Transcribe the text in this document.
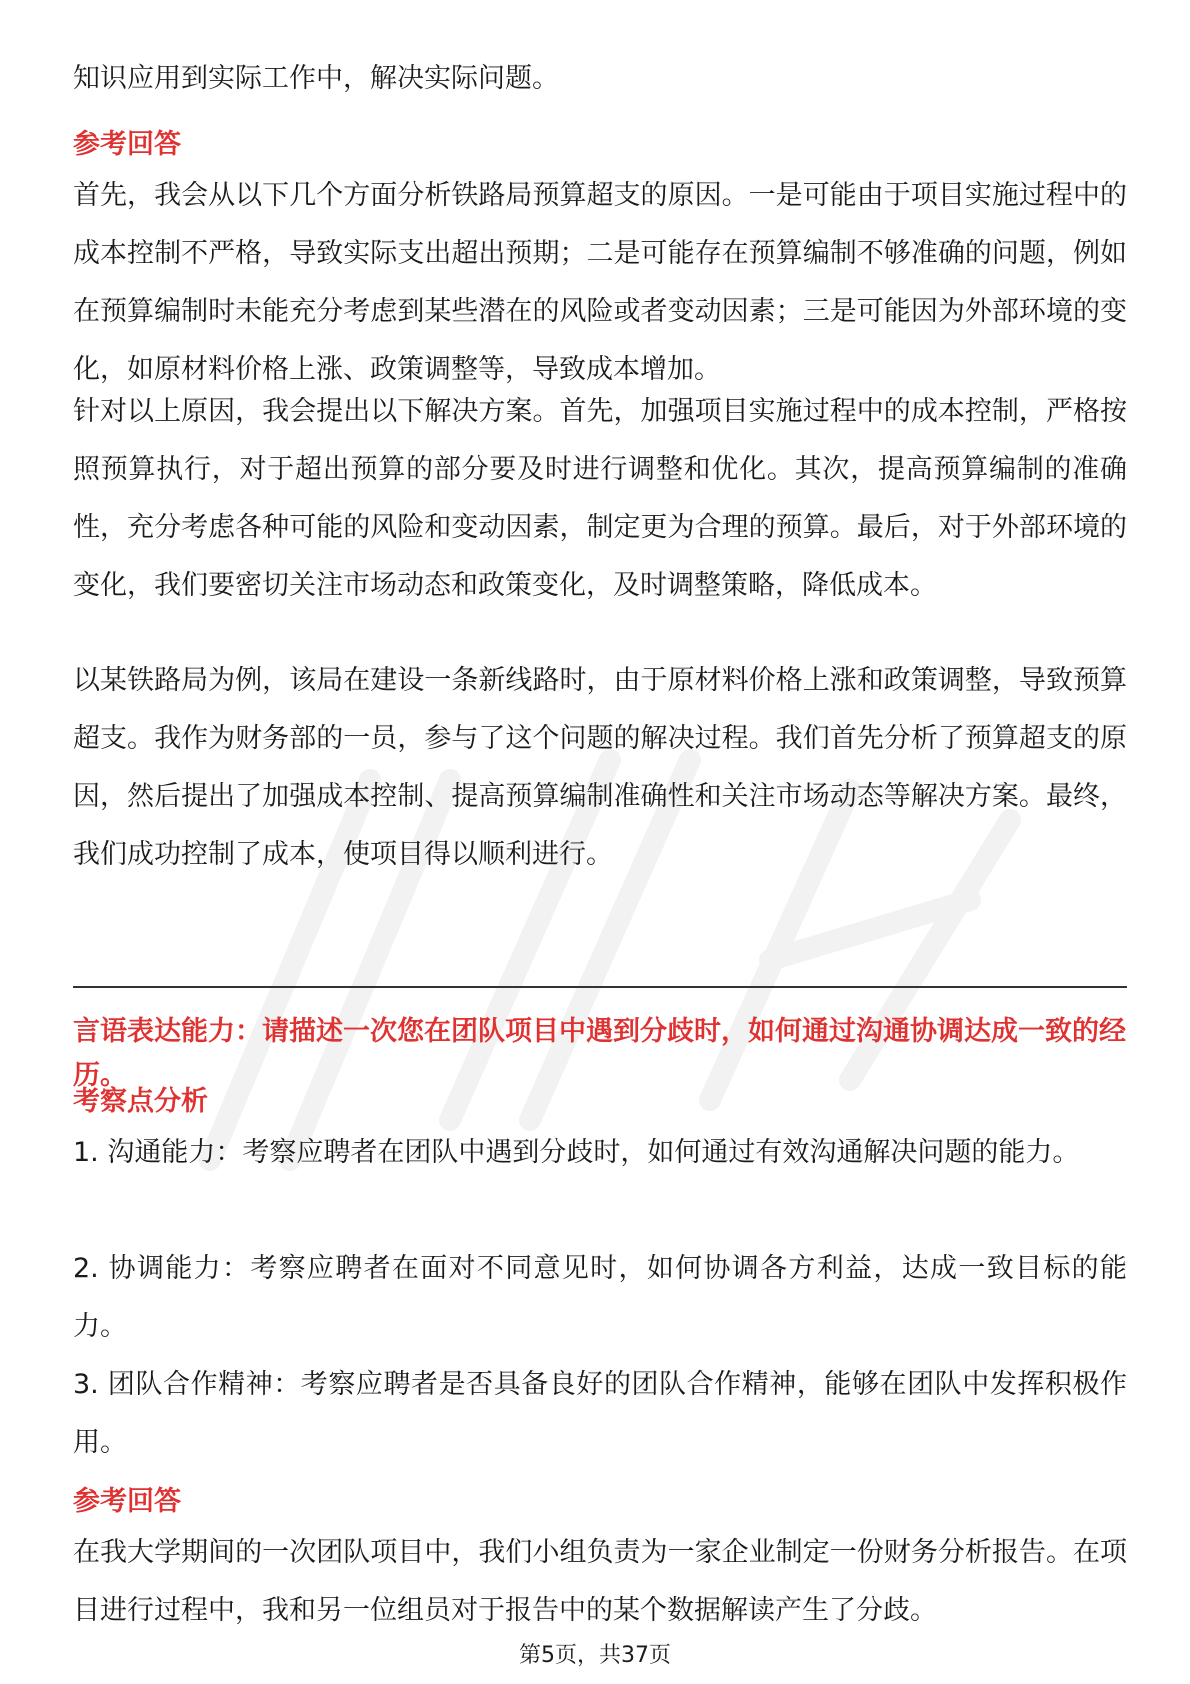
知识应用到实际工作中，解决实际问题。

参考回答

首先，我会从以下几个方面分析铁路局预算超支的原因。一是可能由于项目实施过程中的成本控制不严格，导致实际支出超出预期；二是可能存在预算编制不够准确的问题，例如在预算编制时未能充分考虑到某些潜在的风险或者变动因素；三是可能因为外部环境的变化，如原材料价格上涨、政策调整等，导致成本增加。

针对以上原因，我会提出以下解决方案。首先，加强项目实施过程中的成本控制，严格按照预算执行，对于超出预算的部分要及时进行调整和优化。其次，提高预算编制的准确性，充分考虑各种可能的风险和变动因素，制定更为合理的预算。最后，对于外部环境的变化，我们要密切关注市场动态和政策变化，及时调整策略，降低成本。

以某铁路局为例，该局在建设一条新线路时，由于原材料价格上涨和政策调整，导致预算超支。我作为财务部的一员，参与了这个问题的解决过程。我们首先分析了预算超支的原因，然后提出了加强成本控制、提高预算编制准确性和关注市场动态等解决方案。最终，我们成功控制了成本，使项目得以顺利进行。

言语表达能力：请描述一次您在团队项目中遇到分歧时，如何通过沟通协调达成一致的经历。

考察点分析

1. 沟通能力：考察应聘者在团队中遇到分歧时，如何通过有效沟通解决问题的能力。

2. 协调能力：考察应聘者在面对不同意见时，如何协调各方利益，达成一致目标的能力。

3. 团队合作精神：考察应聘者是否具备良好的团队合作精神，能够在团队中发挥积极作用。

参考回答

在我大学期间的一次团队项目中，我们小组负责为一家企业制定一份财务分析报告。在项目进行过程中，我和另一位组员对于报告中的某个数据解读产生了分歧。

第5页，共37页
